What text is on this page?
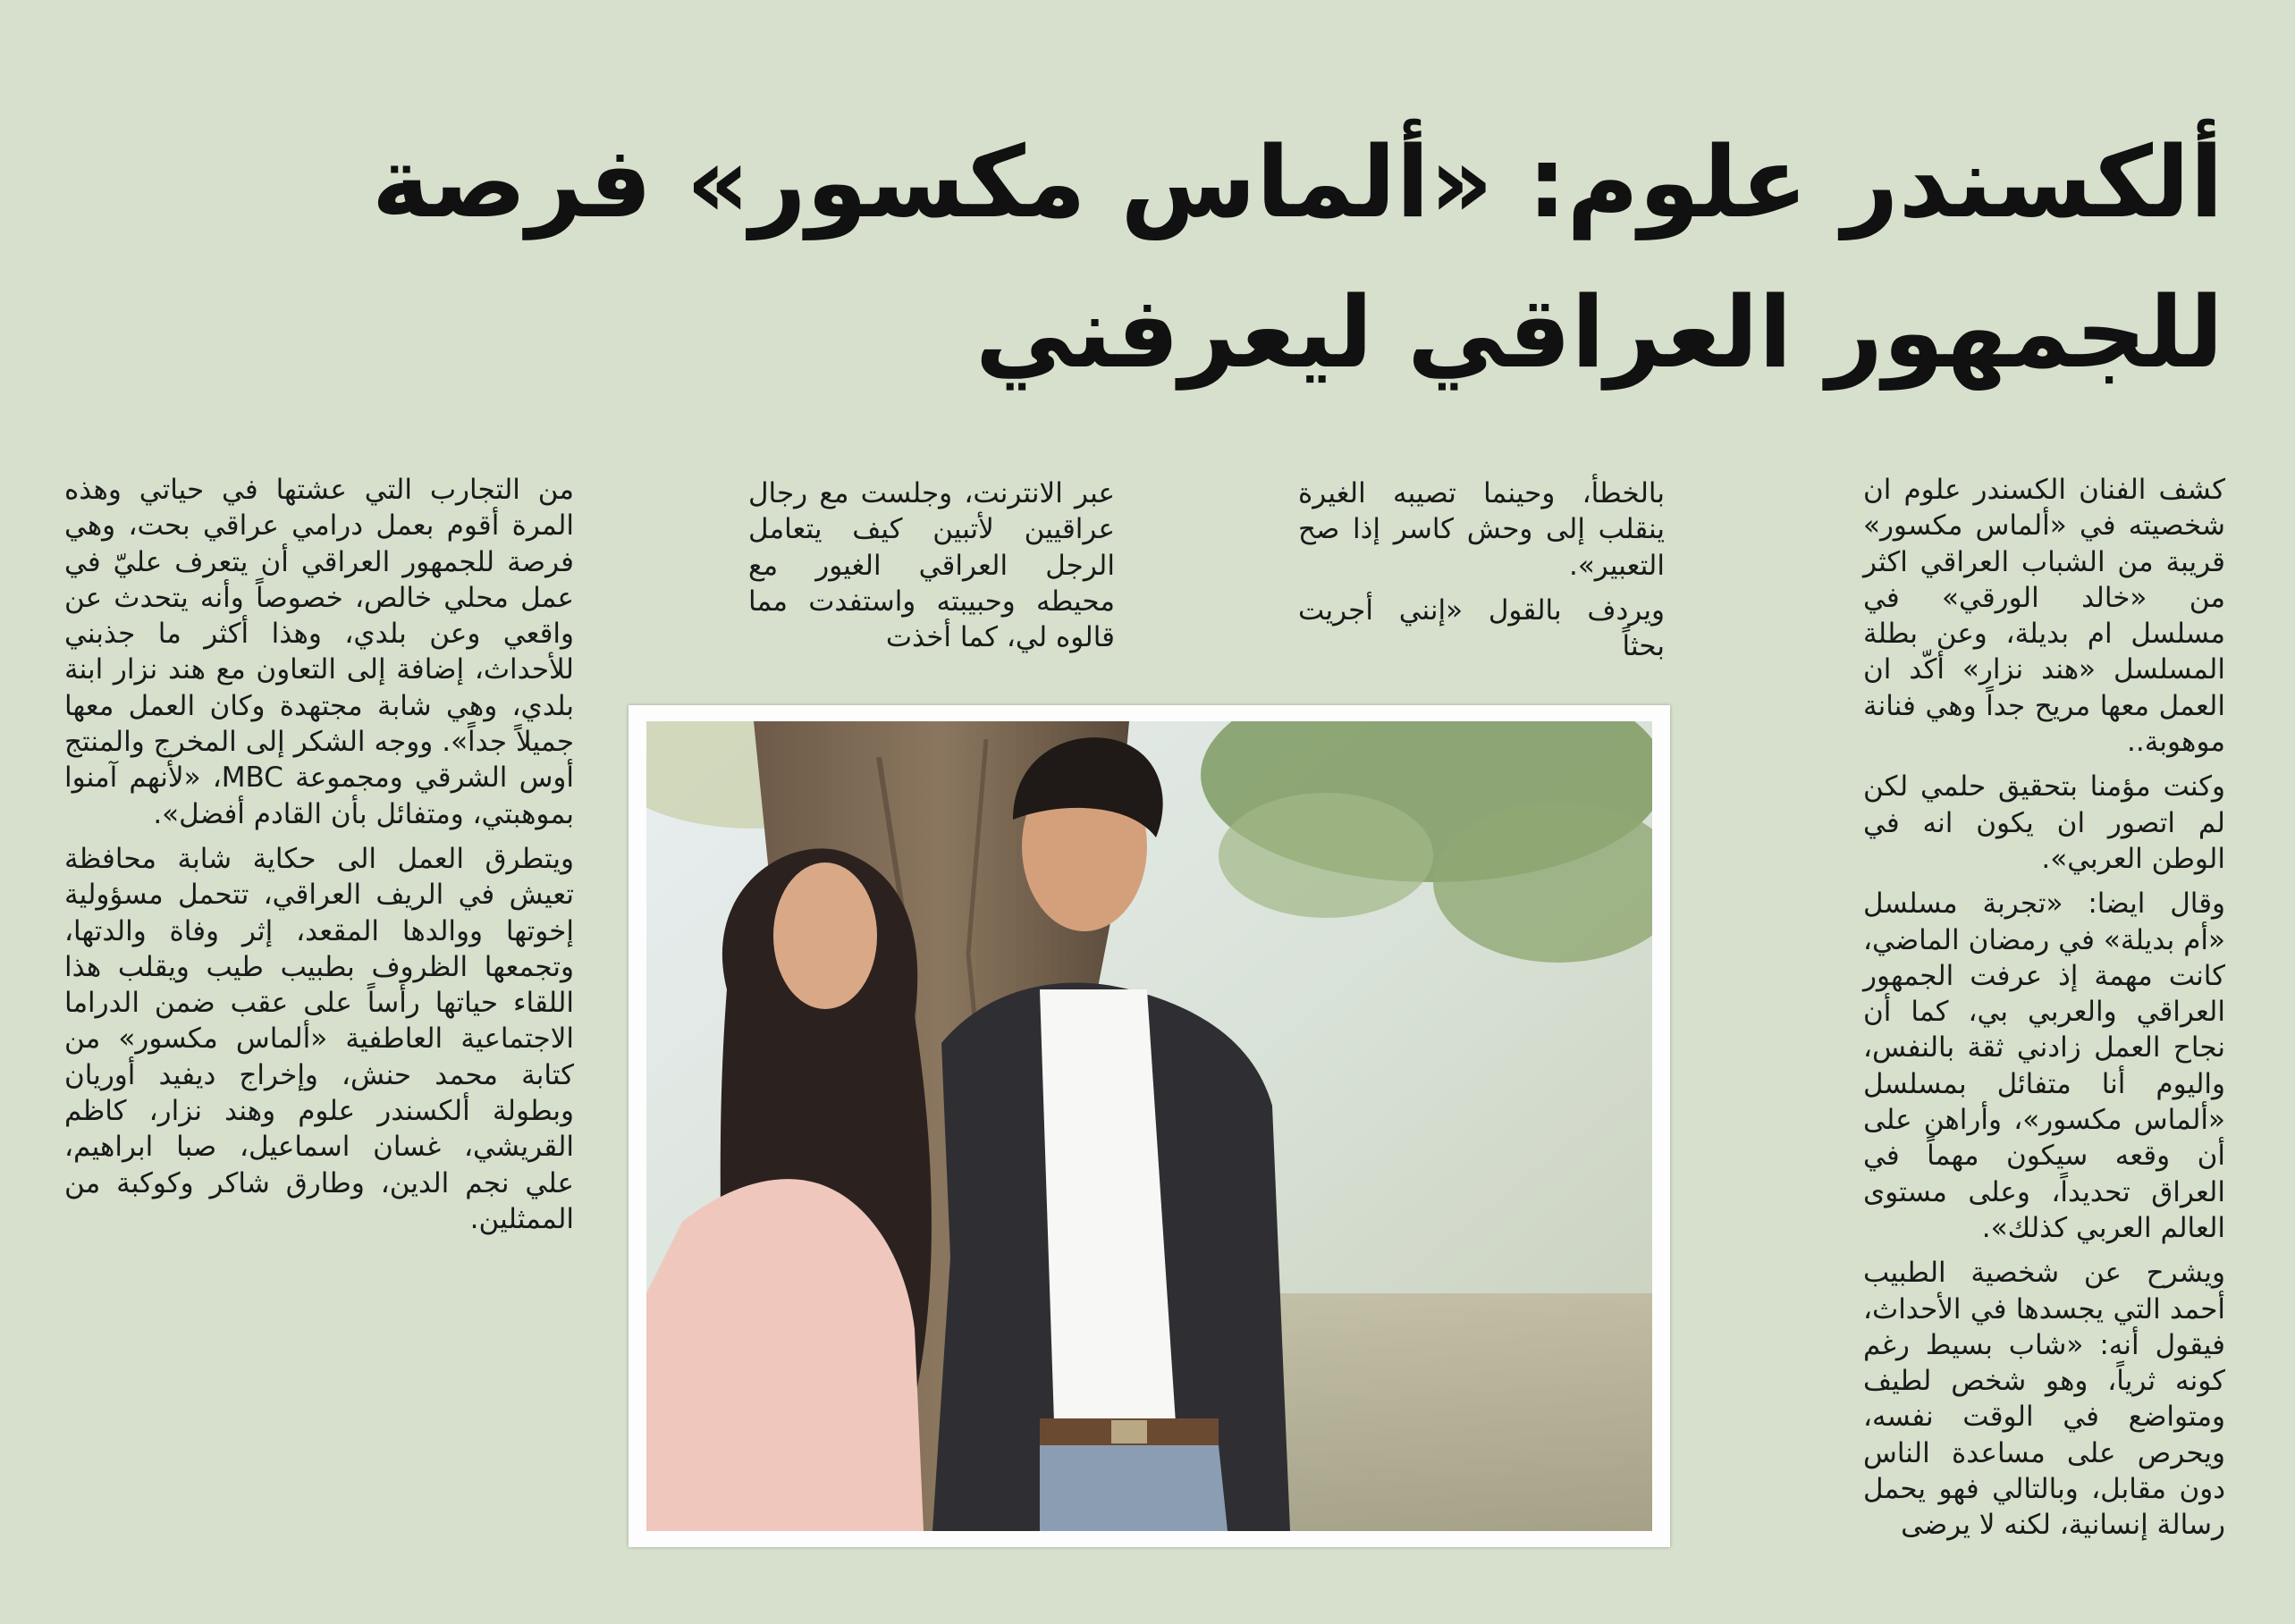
ألكسندر علوم: «ألماس مكسور» فرصة للجمهور العراقي ليعرفني

كشف الفنان الكسندر علوم ان شخصيته في «ألماس مكسور» قريبة من الشباب العراقي اكثر من «خالد الورقي» في مسلسل ام بديلة، وعن بطلة المسلسل «هند نزار» أكّد ان العمل معها مريح جداً وهي فنانة موهوبة..

وكنت مؤمنا بتحقيق حلمي لكن لم اتصور ان يكون انه في الوطن العربي».

وقال ايضا: «تجربة مسلسل «أم بديلة» في رمضان الماضي، كانت مهمة إذ عرفت الجمهور العراقي والعربي بي، كما أن نجاح العمل زادني ثقة بالنفس، واليوم أنا متفائل بمسلسل «ألماس مكسور»، وأراهن على أن وقعه سيكون مهماً في العراق تحديداً، وعلى مستوى العالم العربي كذلك».

ويشرح عن شخصية الطبيب أحمد التي يجسدها في الأحداث، فيقول أنه: «شاب بسيط رغم كونه ثرياً، وهو شخص لطيف ومتواضع في الوقت نفسه، ويحرص على مساعدة الناس دون مقابل، وبالتالي فهو يحمل رسالة إنسانية، لكنه لا يرضى

بالخطأ، وحينما تصيبه الغيرة ينقلب إلى وحش كاسر إذا صح التعبير».

ويردف بالقول «إنني أجريت بحثاً

عبر الانترنت، وجلست مع رجال عراقيين لأتبين كيف يتعامل الرجل العراقي الغيور مع محيطه وحبيبته واستفدت مما قالوه لي، كما أخذت

من التجارب التي عشتها في حياتي وهذه المرة أقوم بعمل درامي عراقي بحت، وهي فرصة للجمهور العراقي أن يتعرف عليّ في عمل محلي خالص، خصوصاً وأنه يتحدث عن واقعي وعن بلدي، وهذا أكثر ما جذبني للأحداث، إضافة إلى التعاون مع هند نزار ابنة بلدي، وهي شابة مجتهدة وكان العمل معها جميلاً جداً». ووجه الشكر إلى المخرج والمنتج أوس الشرقي ومجموعة MBC، «لأنهم آمنوا بموهبتي، ومتفائل بأن القادم أفضل».

ويتطرق العمل الى حكاية شابة محافظة تعيش في الريف العراقي، تتحمل مسؤولية إخوتها ووالدها المقعد، إثر وفاة والدتها، وتجمعها الظروف بطبيب طيب ويقلب هذا اللقاء حياتها رأساً على عقب ضمن الدراما الاجتماعية العاطفية «ألماس مكسور» من كتابة محمد حنش، وإخراج ديفيد أوريان وبطولة ألكسندر علوم وهند نزار، كاظم القريشي، غسان اسماعيل، صبا ابراهيم، علي نجم الدين، وطارق شاكر وكوكبة من الممثلين.
